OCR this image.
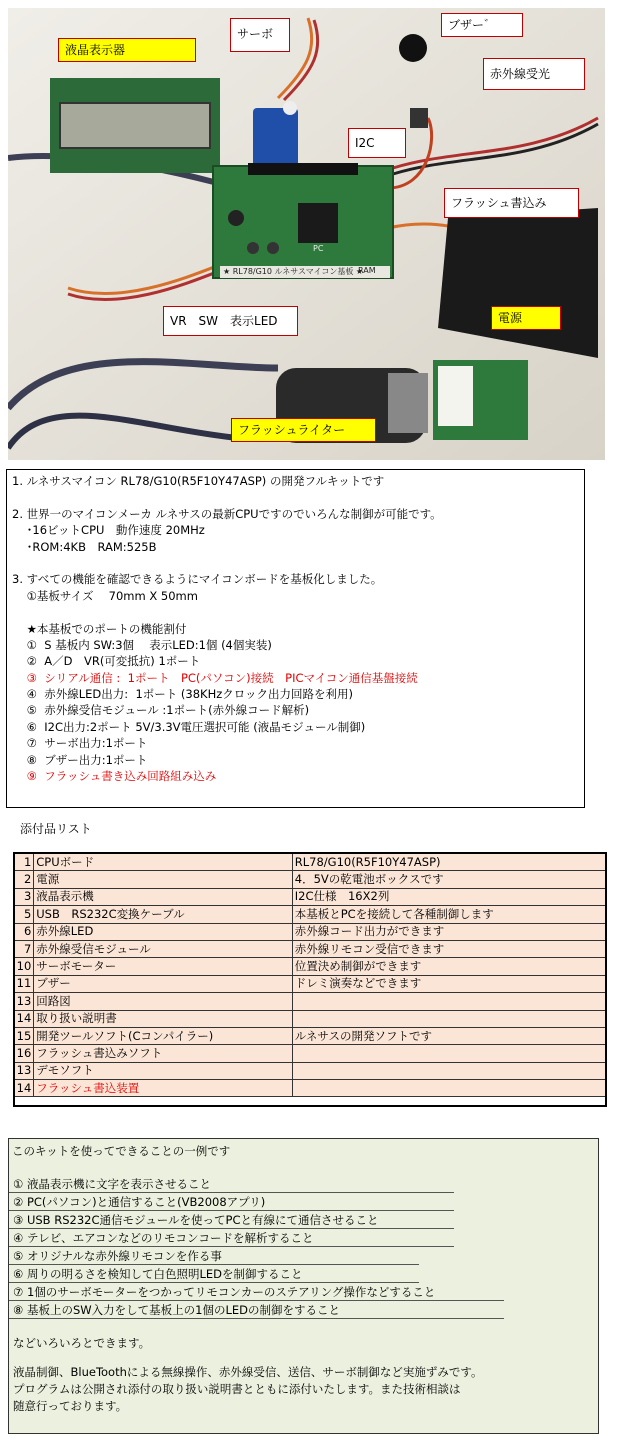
液晶表示器
サーボ
ブザー゛
赤外線受光
I2C
フラッシュ書込み
VR　SW　表示LED	電源
フラッシュライター
★ RL78/G10 ルネサスマイコン基板 ★
RAM
PC
1. ルネサスマイコン RL78/G10(R5F10Y47ASP) の開発フルキットです
2. 世界一のマイコンメーカ ルネサスの最新CPUですのでいろんな制御が可能です。
･16ビットCPU　動作速度 20MHz
･ROM:4KB　RAM:525B
3. すべての機能を確認できるようにマイコンボードを基板化しました。
①基板サイズ　 70mm X 50mm
★本基板でのポートの機能割付
①  S 基板内 SW:3個　 表示LED:1個 (4個実装)
②  A／D　VR(可変抵抗) 1ポート
③  シリアル通信 :  1ポート　PC(パソコン)接続　PICマイコン通信基盤接続
④  赤外線LED出力:  1ポート (38KHzクロック出力回路を利用)
⑤  赤外線受信モジュール :1ポート(赤外線コード解析)
⑥  I2C出力:2ポート 5V/3.3V電圧選択可能 (液晶モジュール制御)
⑦  サーボ出力:1ポート
⑧  ブザー出力:1ポート
⑨  フラッシュ書き込み回路組み込み
添付品リスト
1	CPUボード	RL78/G10(R5F10Y47ASP)
2	電源	4．5Vの乾電池ボックスです
3	液晶表示機	I2C仕様　16X2列
5	USB　RS232C変換ケーブル	本基板とPCを接続して各種制御します
6	赤外線LED	赤外線コード出力ができます
7	赤外線受信モジュール	赤外線リモコン受信できます
10	サーボモーター	位置決め制御ができます
11	ブザー	ドレミ演奏などできます
13	回路図	
14	取り扱い説明書	
15	開発ツールソフト(Cコンパイラー)	ルネサスの開発ソフトです
16	フラッシュ書込みソフト	
13	デモソフト	
14	フラッシュ書込装置	
このキットを使ってできることの一例です
① 液晶表示機に文字を表示させること
② PC(パソコン)と通信すること(VB2008アプリ)
③ USB RS232C通信モジュールを使ってPCと有線にて通信させること
④ テレビ、エアコンなどのリモコンコードを解析すること
⑤ オリジナルな赤外線リモコンを作る事
⑥ 周りの明るさを検知して白色照明LEDを制御すること
⑦ 1個のサーボモーターをつかってリモコンカーのステアリング操作などすること
⑧ 基板上のSW入力をして基板上の1個のLEDの制御をすること
などいろいろとできます。
液晶制御、BlueToothによる無線操作、赤外線受信、送信、サーボ制御など実施ずみです。
プログラムは公開され添付の取り扱い説明書とともに添付いたします。また技術相談は
随意行っております。
